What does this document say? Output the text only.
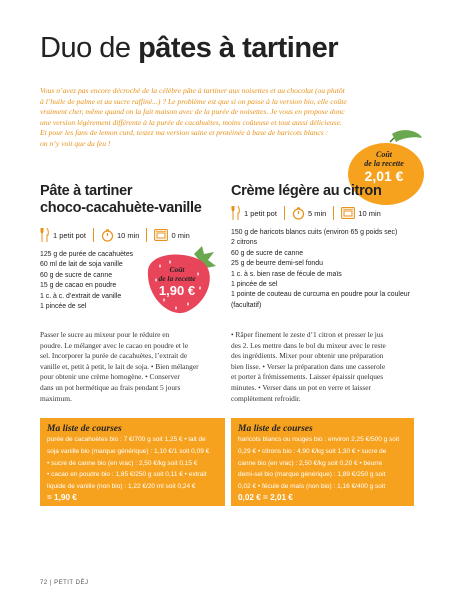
Duo de pâtes à tartiner

Vous n’avez pas encore décroché de la célèbre pâte à tartiner aux noisettes et au chocolat (ou plutôt

à l’huile de palme et au sucre raffiné...) ? Le problème est que si on passe à la version bio, elle coûte

vraiment cher, même quand on la fait maison avec de la purée de noisettes. Je vous en propose donc

une version légèrement différente à la purée de cacahuètes, moins coûteuse et tout aussi délicieuse.

Et pour les fans de lemon curd, testez ma version saine et protéinée à base de haricots blancs :

on n’y voit que du feu !

Coût
de la recette
2,01 €
Pâte à tartiner
choco-cacahuète-vanille
1 petit pot	10 min	0 min
125 g de purée de cacahuètes
60 ml de lait de soja vanille
60 g de sucre de canne
15 g de cacao en poudre
1 c. à c. d’extrait de vanille
1 pincée de sel
Coût
de la recette
1,90 €
Passer le sucre au mixeur pour le réduire en
poudre. Le mélanger avec le cacao en poudre et le
sel. Incorporer la purée de cacahuètes, l’extrait de
vanille et, petit à petit, le lait de soja. • Bien mélanger
pour obtenir une crème homogène. • Conserver
dans un pot hermétique au frais pendant 5 jours
maximum.
Ma liste de courses
purée de cacahuètes bio : 7 €/700 g soit 1,25 € • lait de
soja vanille bio (marque générique) : 1,10 €/1 soit 0,09 €
• sucre de canne bio (en vrac) : 2,50 €/kg soit 0,15 €
• cacao en poudre bio : 1,85 €/250 g soit 0,11 € • extrait
liquide de vanille (non bio) : 1,22 €/20 ml soit 0,24 €
= 1,90 €
Crème légère au citron
1 petit pot	5 min	10 min
150 g de haricots blancs cuits (environ 65 g poids sec)
2 citrons
60 g de sucre de canne
25 g de beurre demi-sel fondu
1 c. à s. bien rase de fécule de maïs
1 pincée de sel
1 pointe de couteau de curcuma en poudre pour la couleur
(facultatif)
• Râper finement le zeste d’1 citron et presser le jus
des 2. Les mettre dans le bol du mixeur avec le reste
des ingrédients. Mixer pour obtenir une préparation
bien lisse. • Verser la préparation dans une casserole
et porter à frémissements. Laisser épaissir quelques
minutes. • Verser dans un pot en verre et laisser
complètement refroidir.
Ma liste de courses
haricots blancs ou rouges bio : environ 2,25 €/500 g soit
0,29 € • citrons bio : 4,90 €/kg soit 1,30 € • sucre de
canne bio (en vrac) : 2,50 €/kg soit 0,20 € • beurre
demi-sel bio (marque générique) : 1,89 €/250 g soit
0,02 € • fécule de maïs (non bio) : 1,16 €/400 g soit
0,02 € = 2,01 €
72 | PETIT DÉJ
